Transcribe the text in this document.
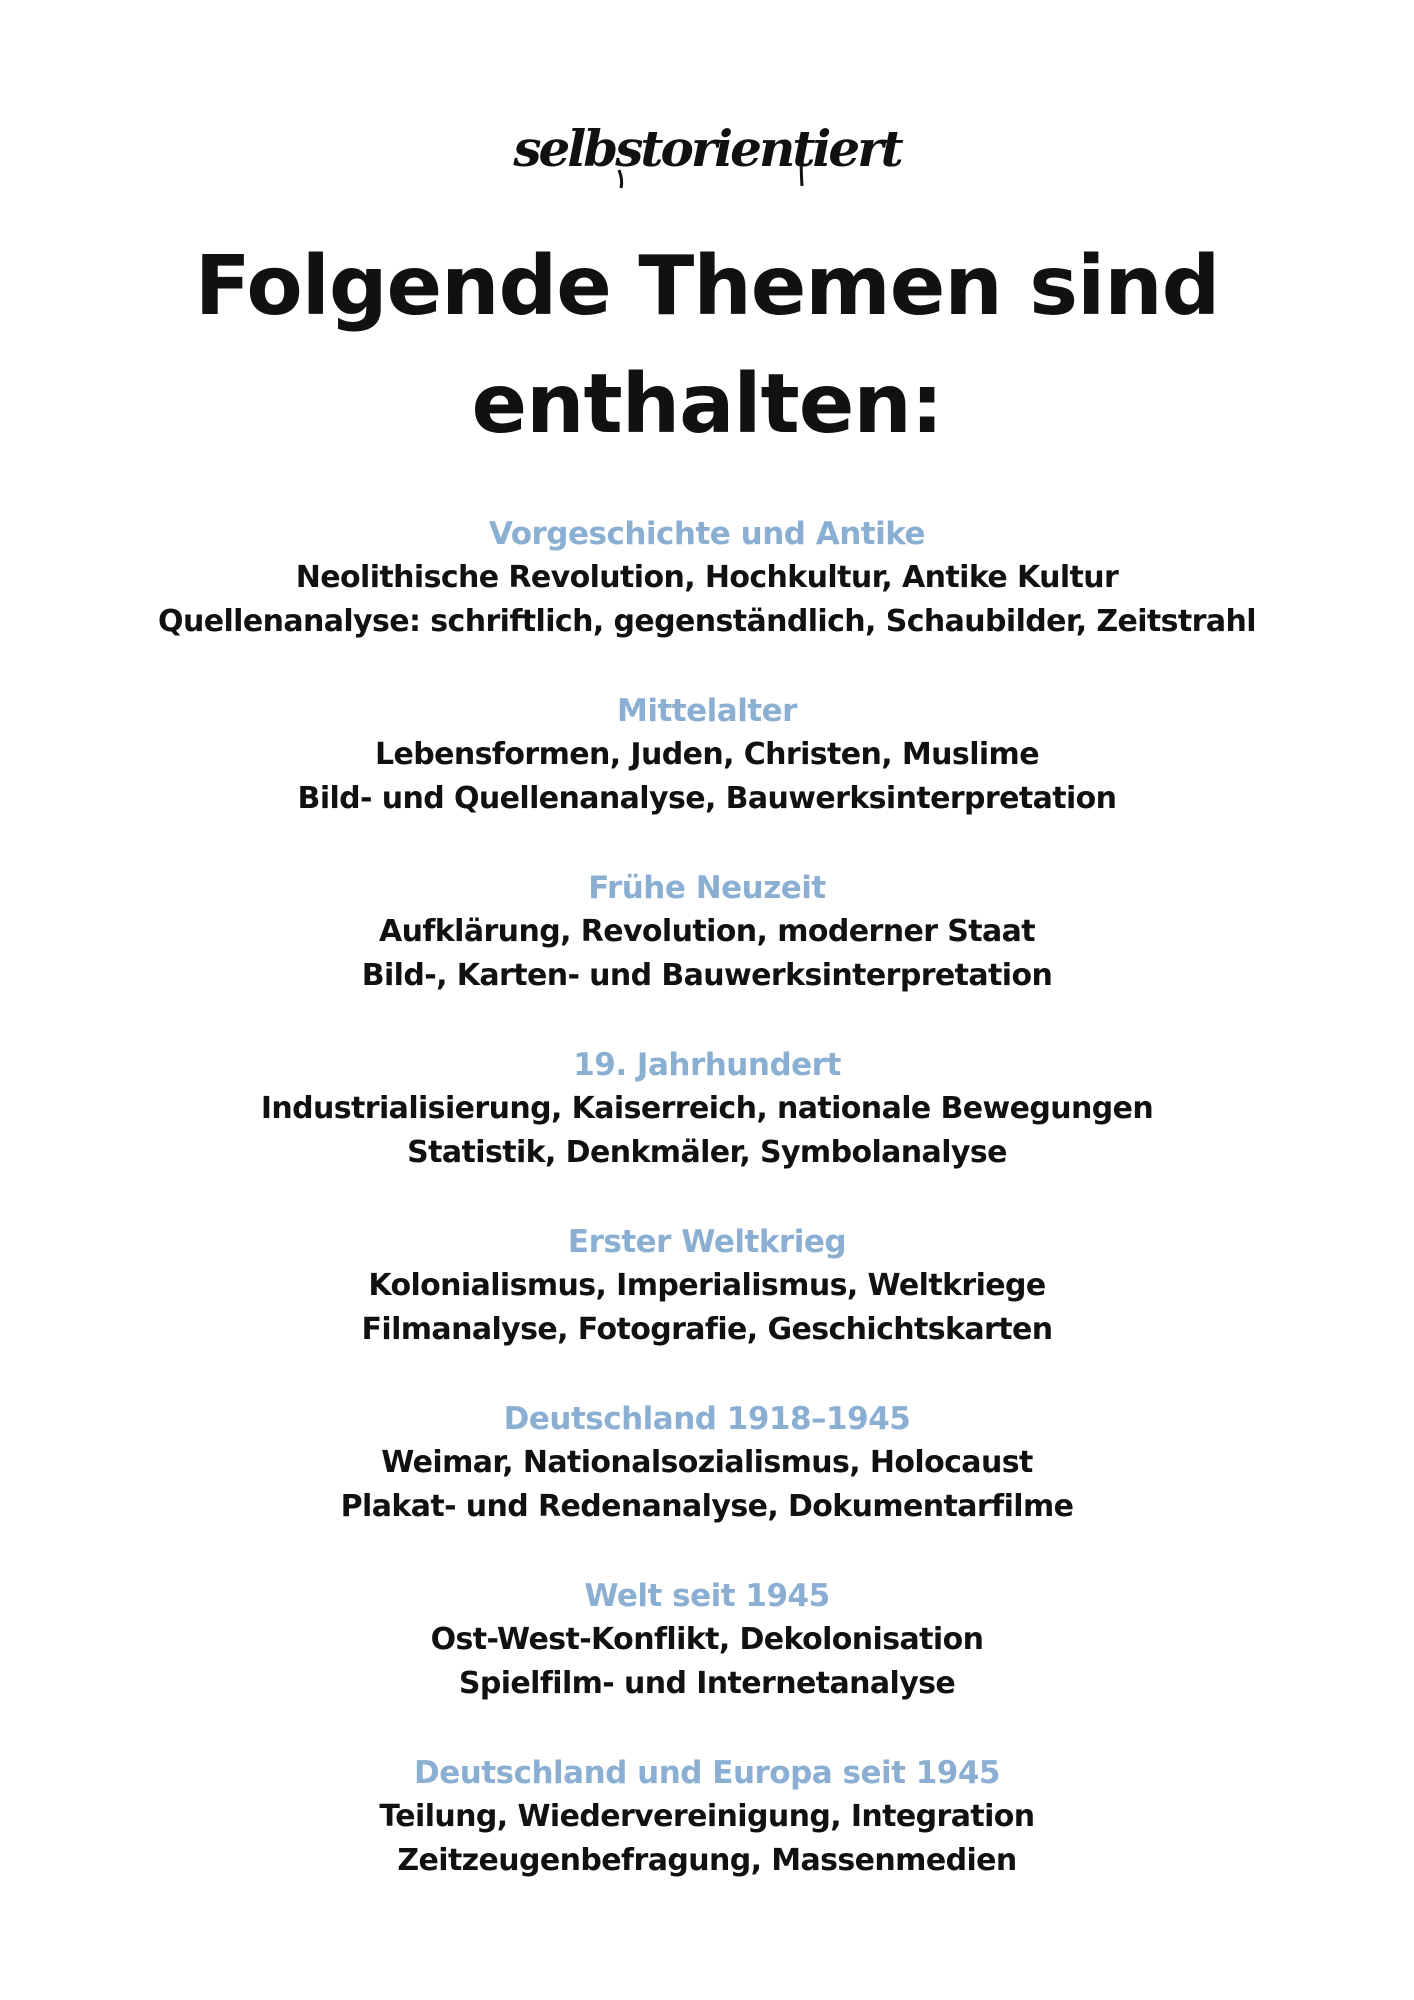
selbstorientiert
Folgende Themen sind
enthalten:
Vorgeschichte und Antike
Neolithische Revolution, Hochkultur, Antike Kultur
Quellenanalyse: schriftlich, gegenständlich, Schaubilder, Zeitstrahl
Mittelalter
Lebensformen, Juden, Christen, Muslime
Bild- und Quellenanalyse, Bauwerksinterpretation
Frühe Neuzeit
Aufklärung, Revolution, moderner Staat
Bild-, Karten- und Bauwerksinterpretation
19. Jahrhundert
Industrialisierung, Kaiserreich, nationale Bewegungen
Statistik, Denkmäler, Symbolanalyse
Erster Weltkrieg
Kolonialismus, Imperialismus, Weltkriege
Filmanalyse, Fotografie, Geschichtskarten
Deutschland 1918–1945
Weimar, Nationalsozialismus, Holocaust
Plakat- und Redenanalyse, Dokumentarfilme
Welt seit 1945
Ost-West-Konflikt, Dekolonisation
Spielfilm- und Internetanalyse
Deutschland und Europa seit 1945
Teilung, Wiedervereinigung, Integration
Zeitzeugenbefragung, Massenmedien
